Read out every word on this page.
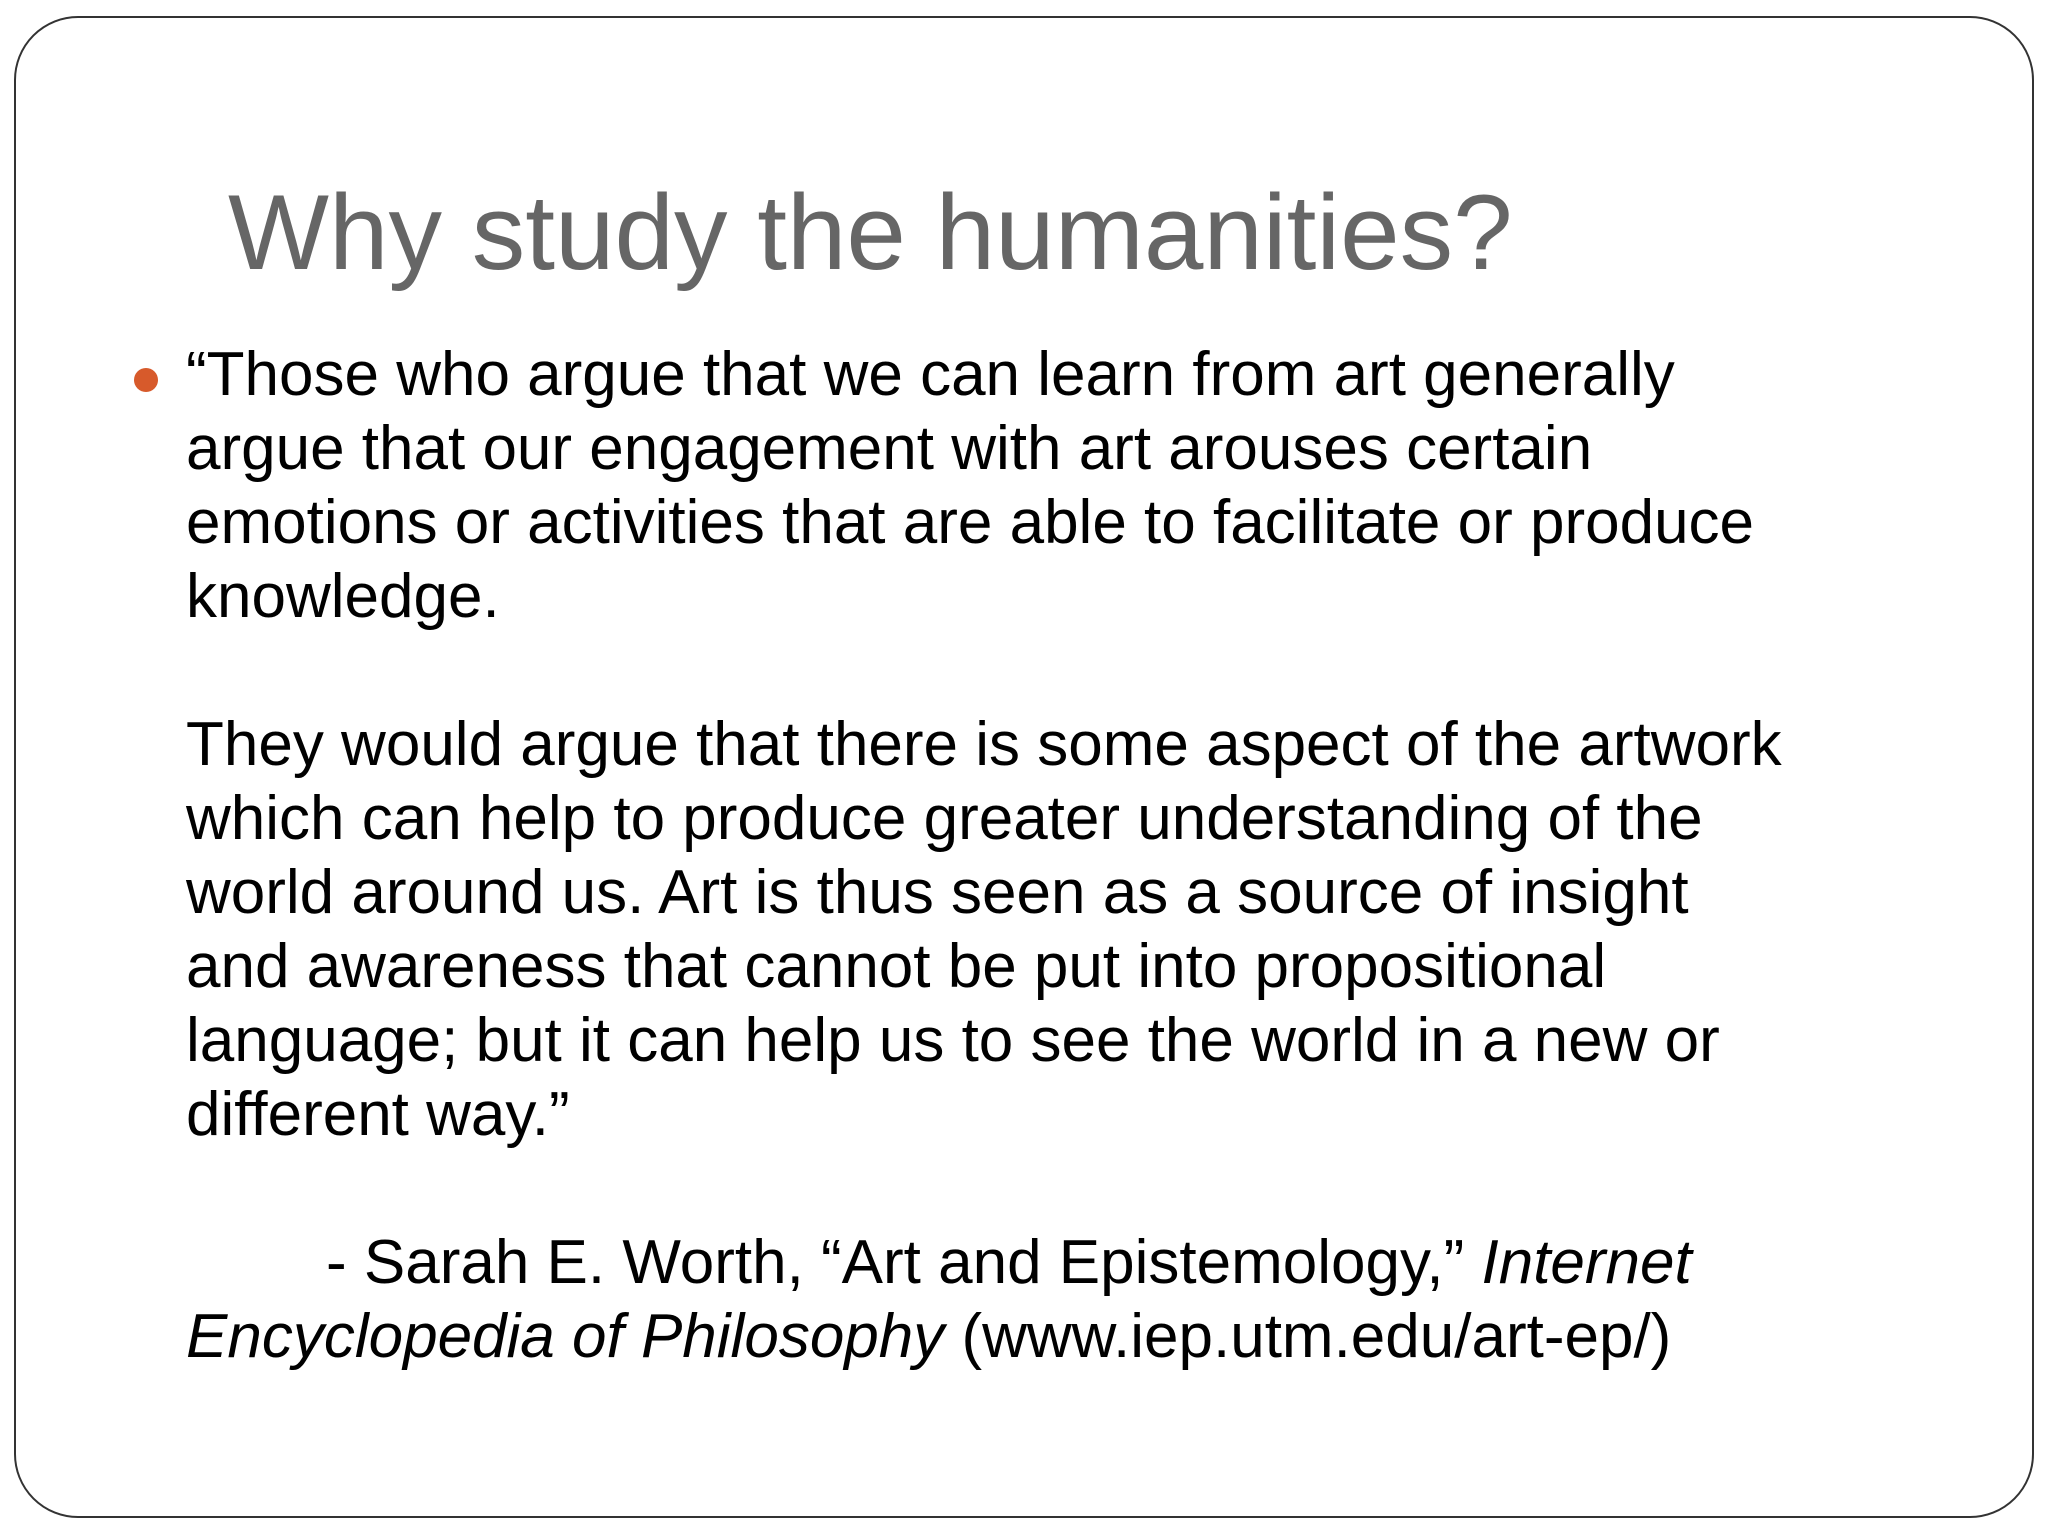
Why study the humanities?

“Those who argue that we can learn from art generally
argue that our engagement with art arouses certain
emotions or activities that are able to facilitate or produce
knowledge.

They would argue that there is some aspect of the artwork
which can help to produce greater understanding of the
world around us. Art is thus seen as a source of insight
and awareness that cannot be put into propositional
language; but it can help us to see the world in a new or
different way.”

- Sarah E. Worth, “Art and Epistemology,” Internet
Encyclopedia of Philosophy (www.iep.utm.edu/art-ep/)
